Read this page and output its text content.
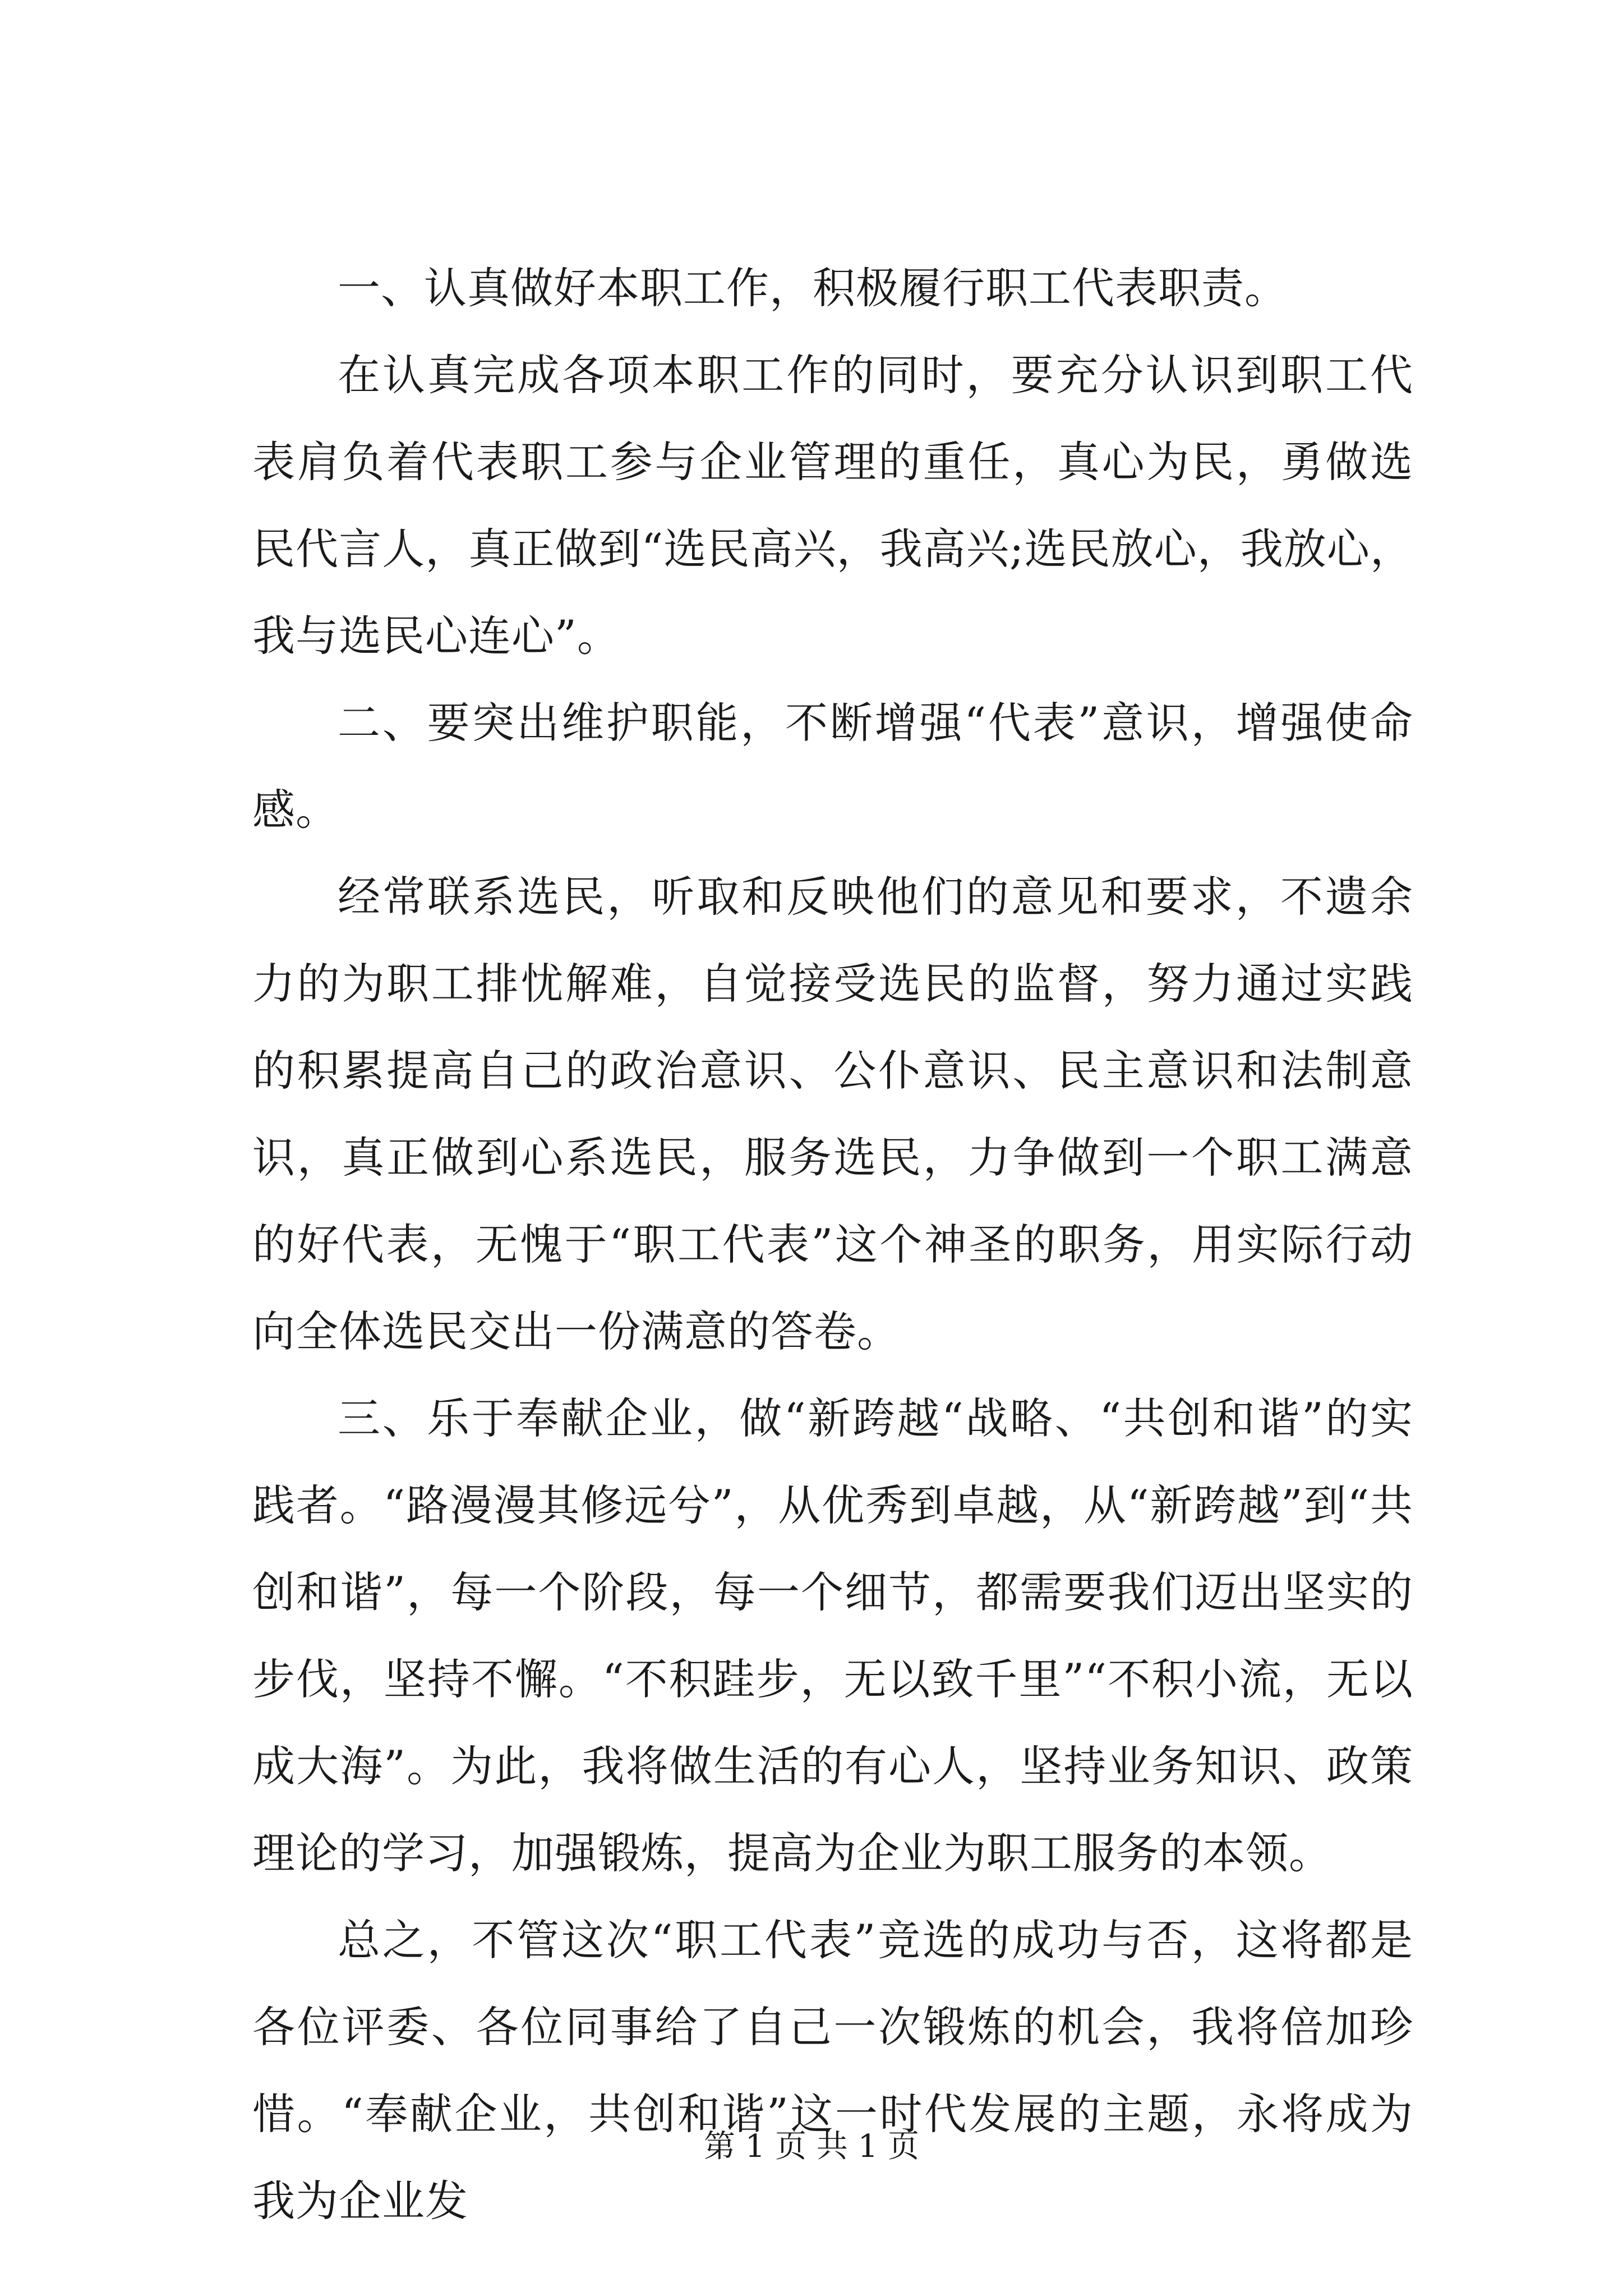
一、认真做好本职工作，积极履行职工代表职责。

在认真完成各项本职工作的同时，要充分认识到职工代表肩负着代表职工参与企业管理的重任，真心为民，勇做选民代言人，真正做到“选民高兴，我高兴;选民放心，我放心，我与选民心连心”。

二、要突出维护职能，不断增强“代表”意识，增强使命感。

经常联系选民，听取和反映他们的意见和要求，不遗余力的为职工排忧解难，自觉接受选民的监督，努力通过实践的积累提高自己的政治意识、公仆意识、民主意识和法制意识，真正做到心系选民，服务选民，力争做到一个职工满意的好代表，无愧于“职工代表”这个神圣的职务，用实际行动向全体选民交出一份满意的答卷。

三、乐于奉献企业，做“新跨越“战略、“共创和谐”的实践者。“路漫漫其修远兮”，从优秀到卓越，从“新跨越”到“共创和谐”，每一个阶段，每一个细节，都需要我们迈出坚实的步伐，坚持不懈。“不积跬步，无以致千里”“不积小流，无以成大海”。为此，我将做生活的有心人，坚持业务知识、政策理论的学习，加强锻炼，提高为企业为职工服务的本领。

总之，不管这次“职工代表”竞选的成功与否，这将都是各位评委、各位同事给了自己一次锻炼的机会，我将倍加珍惜。“奉献企业，共创和谐”这一时代发展的主题，永将成为我为企业发

第 1 页 共 1 页
